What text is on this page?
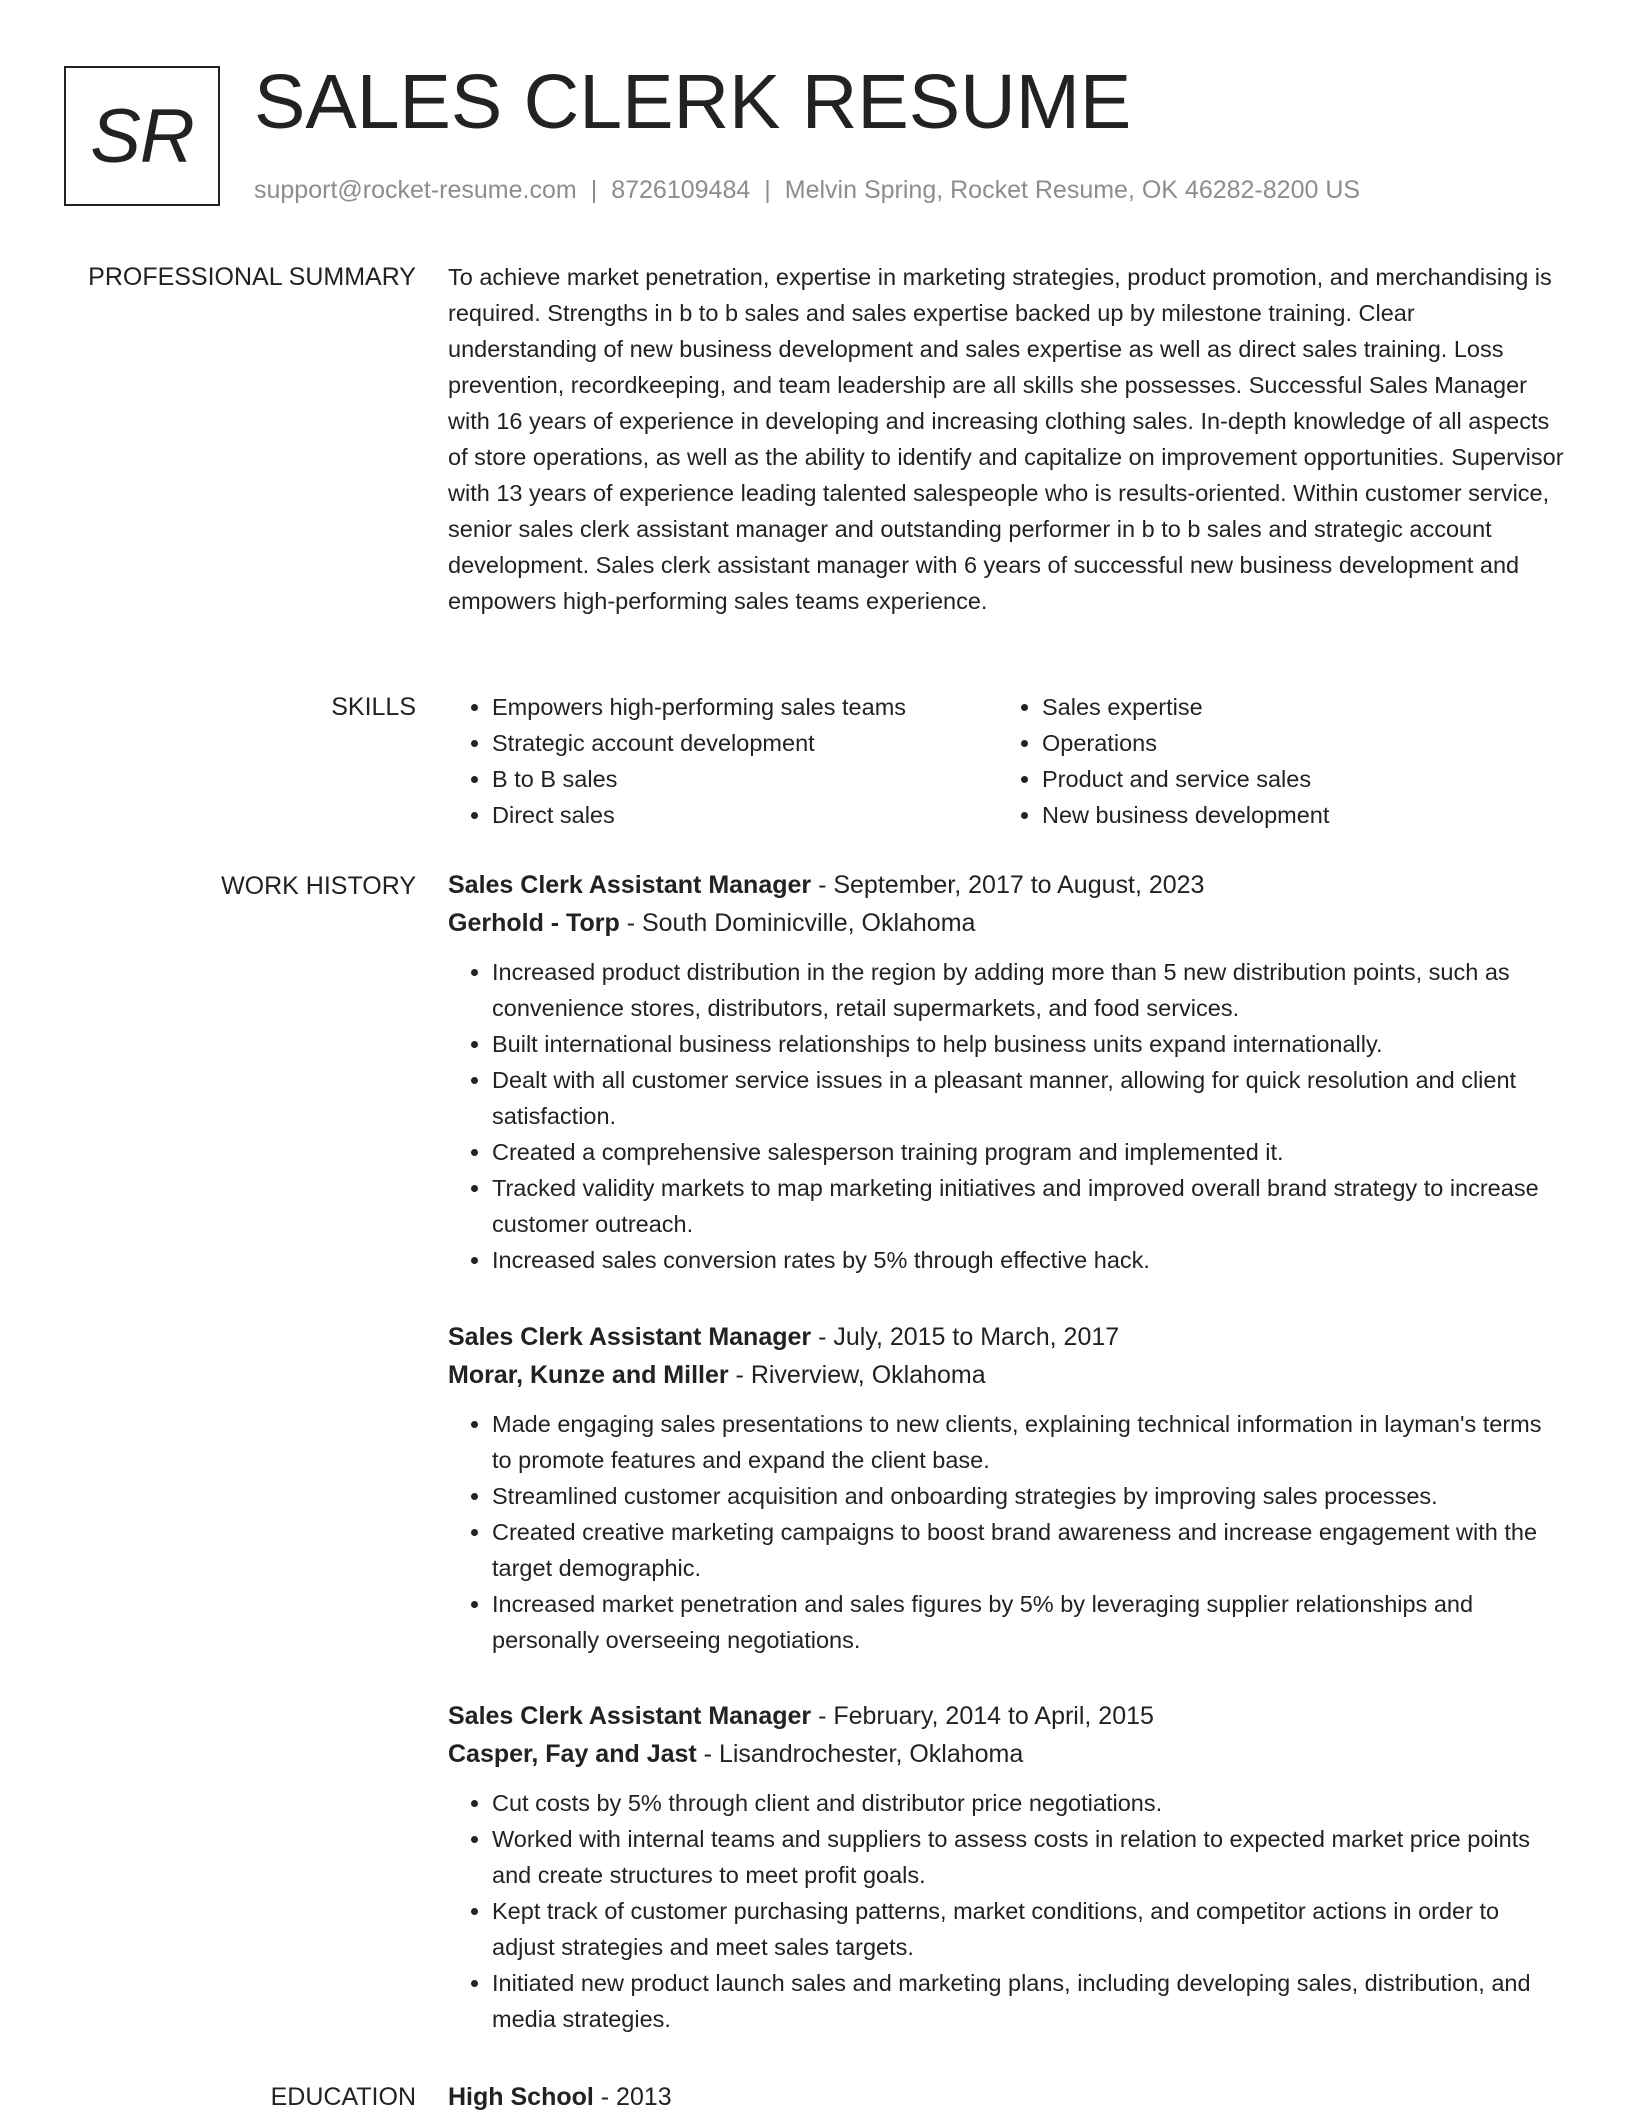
SR SALES CLERK RESUME
support@rocket-resume.com | 8726109484 | Melvin Spring, Rocket Resume, OK 46282-8200 US
PROFESSIONAL SUMMARY To achieve market penetration, expertise in marketing strategies, product promotion, and merchandising is required. Strengths in b to b sales and sales expertise backed up by milestone training. Clear understanding of new business development and sales expertise as well as direct sales training. Loss prevention, recordkeeping, and team leadership are all skills she possesses. Successful Sales Manager with 16 years of experience in developing and increasing clothing sales. In-depth knowledge of all aspects of store operations, as well as the ability to identify and capitalize on improvement opportunities. Supervisor with 13 years of experience leading talented salespeople who is results-oriented. Within customer service, senior sales clerk assistant manager and outstanding performer in b to b sales and strategic account development. Sales clerk assistant manager with 6 years of successful new business development and empowers high-performing sales teams experience.

SKILLS
•	Empowers high-performing sales teams
• Strategic account development
• B to B sales
• Direct sales
• Sales expertise
• Operations
• Product and service sales
• New business development
WORK HISTORY Sales Clerk Assistant Manager - September, 2017 to August, 2023
Gerhold - Torp - South Dominicville, Oklahoma
• Increased product distribution in the region by adding more than 5 new distribution points, such as convenience stores, distributors, retail supermarkets, and food services.
• Built international business relationships to help business units expand internationally.
• Dealt with all customer service issues in a pleasant manner, allowing for quick resolution and client satisfaction.
• Created a comprehensive salesperson training program and implemented it.
• Tracked validity markets to map marketing initiatives and improved overall brand strategy to increase customer outreach.
• Increased sales conversion rates by 5% through effective hack.
Sales Clerk Assistant Manager - July, 2015 to March, 2017
Morar, Kunze and Miller - Riverview, Oklahoma
• Made engaging sales presentations to new clients, explaining technical information in layman's terms to promote features and expand the client base.
• Streamlined customer acquisition and onboarding strategies by improving sales processes.
• Created creative marketing campaigns to boost brand awareness and increase engagement with the target demographic.
• Increased market penetration and sales figures by 5% by leveraging supplier relationships and personally overseeing negotiations.
Sales Clerk Assistant Manager - February, 2014 to April, 2015
Casper, Fay and Jast - Lisandrochester, Oklahoma
• Cut costs by 5% through client and distributor price negotiations.
• Worked with internal teams and suppliers to assess costs in relation to expected market price points and create structures to meet profit goals.
• Kept track of customer purchasing patterns, market conditions, and competitor actions in order to adjust strategies and meet sales targets.
• Initiated new product launch sales and marketing plans, including developing sales, distribution, and media strategies.
EDUCATION High School - 2013
